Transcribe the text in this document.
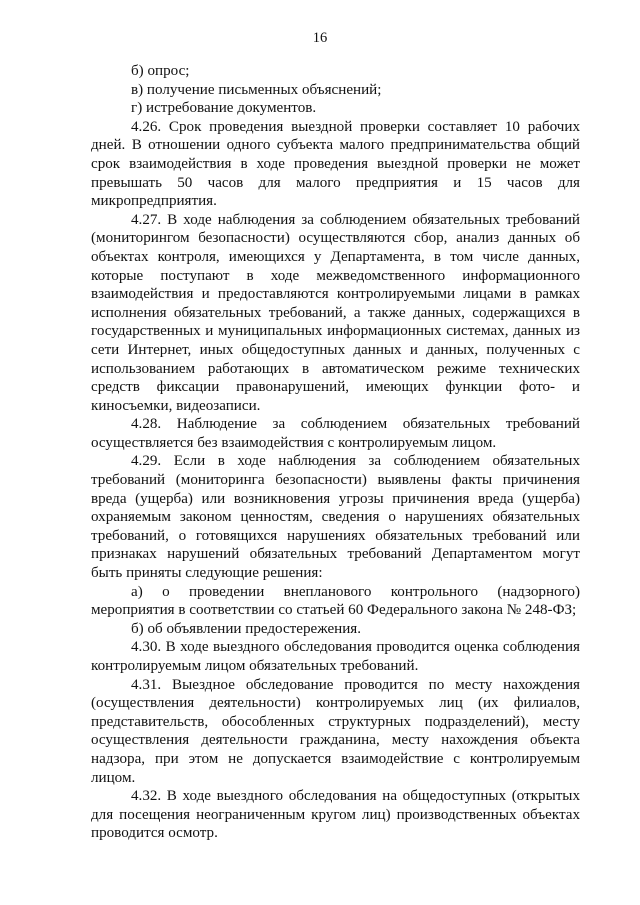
16

б) опрос;

в) получение письменных объяснений;

г) истребование документов.

4.26. Срок проведения выездной проверки составляет 10 рабочих дней. В отношении одного субъекта малого предпринимательства общий срок взаимодействия в ходе проведения выездной проверки не может превышать 50 часов для малого предприятия и 15 часов для микропредприятия.

4.27. В ходе наблюдения за соблюдением обязательных требований (мониторингом безопасности) осуществляются сбор, анализ данных об объектах контроля, имеющихся у Департамента, в том числе данных, которые поступают в ходе межведомственного информационного взаимодействия и предоставляются контролируемыми лицами в рамках исполнения обязательных требований, а также данных, содержащихся в государственных и муниципальных информационных системах, данных из сети Интернет, иных общедоступных данных и данных, полученных с использованием работающих в автоматическом режиме технических средств фиксации правонарушений, имеющих функции фото- и киносъемки, видеозаписи.

4.28. Наблюдение за соблюдением обязательных требований осуществляется без взаимодействия с контролируемым лицом.

4.29. Если в ходе наблюдения за соблюдением обязательных требований (мониторинга безопасности) выявлены факты причинения вреда (ущерба) или возникновения угрозы причинения вреда (ущерба) охраняемым законом ценностям, сведения о нарушениях обязательных требований, о готовящихся нарушениях обязательных требований или признаках нарушений обязательных требований Департаментом могут быть приняты следующие решения:

а) о проведении внепланового контрольного (надзорного) мероприятия в соответствии со статьей 60 Федерального закона № 248-ФЗ;

б) об объявлении предостережения.

4.30. В ходе выездного обследования проводится оценка соблюдения контролируемым лицом обязательных требований.

4.31. Выездное обследование проводится по месту нахождения (осуществления деятельности) контролируемых лиц (их филиалов, представительств, обособленных структурных подразделений), месту осуществления деятельности гражданина, месту нахождения объекта надзора, при этом не допускается взаимодействие с контролируемым лицом.

4.32. В ходе выездного обследования на общедоступных (открытых для посещения неограниченным кругом лиц) производственных объектах проводится осмотр.
